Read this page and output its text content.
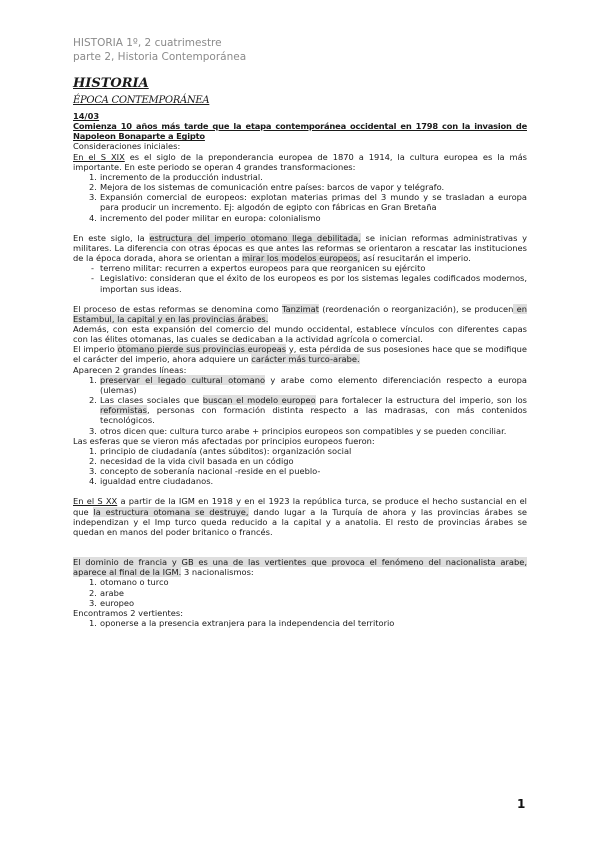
HISTORIA 1º, 2 cuatrimestre
parte 2, Historia Contemporánea
HISTORIA
ÉPOCA CONTEMPORÁNEA
14/03
Comienza 10 años más tarde que la etapa contemporánea occidental en 1798 con la invasion de Napoleon Bonaparte a Egipto

Consideraciones iniciales:

En el S XIX es el siglo de la preponderancia europea de 1870 a 1914, la cultura europea es la más importante. En este periodo se operan 4 grandes transformaciones:

1. incremento de la producción industrial.
2. Mejora de los sistemas de comunicación entre países: barcos de vapor y telégrafo.
3. Expansión comercial de europeos: explotan materias primas del 3 mundo y se trasladan a europa para producir un incremento. Ej: algodón de egipto con fábricas en Gran Bretaña
4. incremento del poder militar en europa: colonialismo

En este siglo, la estructura del imperio otomano llega debilitada, se inician reformas administrativas y militares. La diferencia con otras épocas es que antes las reformas se orientaron a rescatar las instituciones de la época dorada, ahora se orientan a mirar los modelos europeos, así resucitarán el imperio.

- terreno militar: recurren a expertos europeos para que reorganicen su ejército
- Legislativo: consideran que el éxito de los europeos es por los sistemas legales codificados modernos, importan sus ideas.

El proceso de estas reformas se denomina como Tanzimat (reordenación o reorganización), se producen en Estambul, la capital y en las provincias árabes.

Además, con esta expansión del comercio del mundo occidental, establece vínculos con diferentes capas con las élites otomanas, las cuales se dedicaban a la actividad agrícola o comercial.

El imperio otomano pierde sus provincias europeas y, esta pérdida de sus posesiones hace que se modifique el carácter del imperio, ahora adquiere un carácter más turco-arabe.

Aparecen 2 grandes líneas:

1. preservar el legado cultural otomano y arabe como elemento diferenciación respecto a europa (ulemas)
2. Las clases sociales que buscan el modelo europeo para fortalecer la estructura del imperio, son los reformistas, personas con formación distinta respecto a las madrasas, con más contenidos tecnológicos.
3. otros dicen que: cultura turco arabe + principios europeos son compatibles y se pueden conciliar.

Las esferas que se vieron más afectadas por principios europeos fueron:

1. principio de ciudadanía (antes súbditos): organización social
2. necesidad de la vida civil basada en un código
3. concepto de soberanía nacional -reside en el pueblo-
4. igualdad entre ciudadanos.

En el S XX a partir de la IGM en 1918 y en el 1923 la república turca, se produce el hecho sustancial en el que la estructura otomana se destruye, dando lugar a la Turquía de ahora y las provincias árabes se independizan y el Imp turco queda reducido a la capital y a anatolia. El resto de provincias árabes se quedan en manos del poder britanico o francés.

El dominio de francia y GB es una de las vertientes que provoca el fenómeno del nacionalista arabe, aparece al final de la IGM. 3 nacionalismos:

1. otomano o turco
2. arabe
3. europeo

Encontramos 2 vertientes:

1. oponerse a la presencia extranjera para la independencia del territorio
1
